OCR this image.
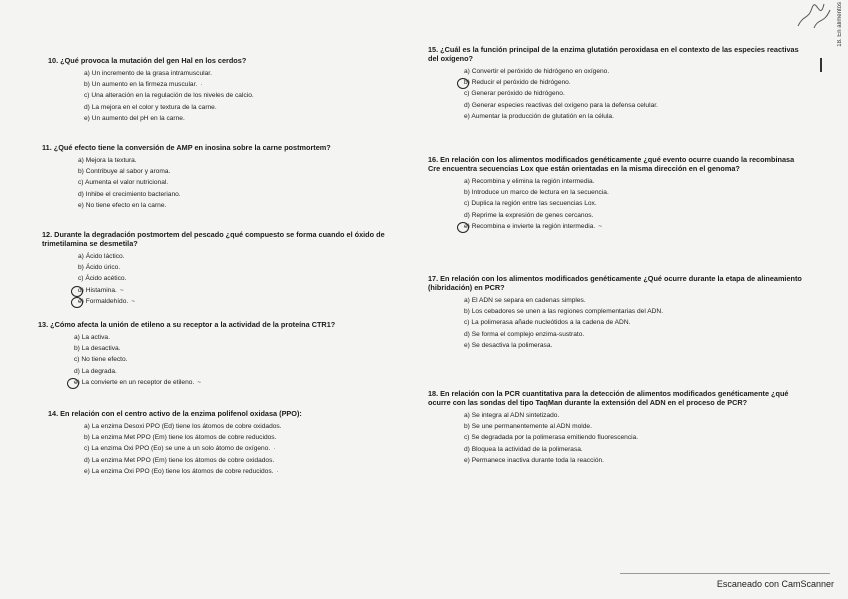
10. ¿Qué provoca la mutación del gen Hal en los cerdos?
a) Un incremento de la grasa intramuscular.
b) Un aumento en la firmeza muscular. ·
c) Una alteración en la regulación de los niveles de calcio.
d) La mejora en el color y textura de la carne.
e) Un aumento del pH en la carne.
11. ¿Qué efecto tiene la conversión de AMP en inosina sobre la carne postmortem?
a) Mejora la textura.
b) Contribuye al sabor y aroma.
c) Aumenta el valor nutricional.
d) Inhibe el crecimiento bacteriano.
e) No tiene efecto en la carne.
12. Durante la degradación postmortem del pescado ¿qué compuesto se forma cuando el óxido de trimetilamina se desmetila?
a) Ácido láctico.
b) Ácido úrico.
c) Ácido acético.
d) Histamina. ~
e) Formaldehído. ~
13. ¿Cómo afecta la unión de etileno a su receptor a la actividad de la proteína CTR1?
a) La activa.
b) La desactiva.
c) No tiene efecto.
d) La degrada.
e) La convierte en un receptor de etileno. ~
14. En relación con el centro activo de la enzima polifenol oxidasa (PPO):
a) La enzima Desoxi PPO (Ed) tiene los átomos de cobre oxidados.
b) La enzima Met PPO (Em) tiene los átomos de cobre reducidos.
c) La enzima Oxi PPO (Eo) se une a un solo átomo de oxígeno. ·
d) La enzima Met PPO (Em) tiene los átomos de cobre oxidados.
e) La enzima Oxi PPO (Eo) tiene los átomos de cobre reducidos. ·
15. ¿Cuál es la función principal de la enzima glutatión peroxidasa en el contexto de las especies reactivas del oxígeno?
a) Convertir el peróxido de hidrógeno en oxígeno.
b) Reducir el peróxido de hidrógeno.
c) Generar peróxido de hidrógeno.
d) Generar especies reactivas del oxígeno para la defensa celular.
e) Aumentar la producción de glutatión en la célula.
16. En relación con los alimentos modificados genéticamente ¿qué evento ocurre cuando la recombinasa Cre encuentra secuencias Lox que están orientadas en la misma dirección en el genoma?
a) Recombina y elimina la región intermedia.
b) Introduce un marco de lectura en la secuencia.
c) Duplica la región entre las secuencias Lox.
d) Reprime la expresión de genes cercanos.
e) Recombina e invierte la región intermedia. ~
17. En relación con los alimentos modificados genéticamente ¿Qué ocurre durante la etapa de alineamiento (hibridación) en PCR?
a) El ADN se separa en cadenas simples.
b) Los cebadores se unen a las regiones complementarias del ADN.
c) La polimerasa añade nucleótidos a la cadena de ADN.
d) Se forma el complejo enzima-sustrato.
e) Se desactiva la polimerasa.
18. En relación con la PCR cuantitativa para la detección de alimentos modificados genéticamente ¿qué ocurre con las sondas del tipo TaqMan durante la extensión del ADN en el proceso de PCR?
a) Se integra al ADN sintetizado.
b) Se une permanentemente al ADN molde.
c) Se degradada por la polimerasa emitiendo fluorescencia.
d) Bloquea la actividad de la polimerasa.
e) Permanece inactiva durante toda la reacción.
18. En alimentos
Escaneado con CamScanner
